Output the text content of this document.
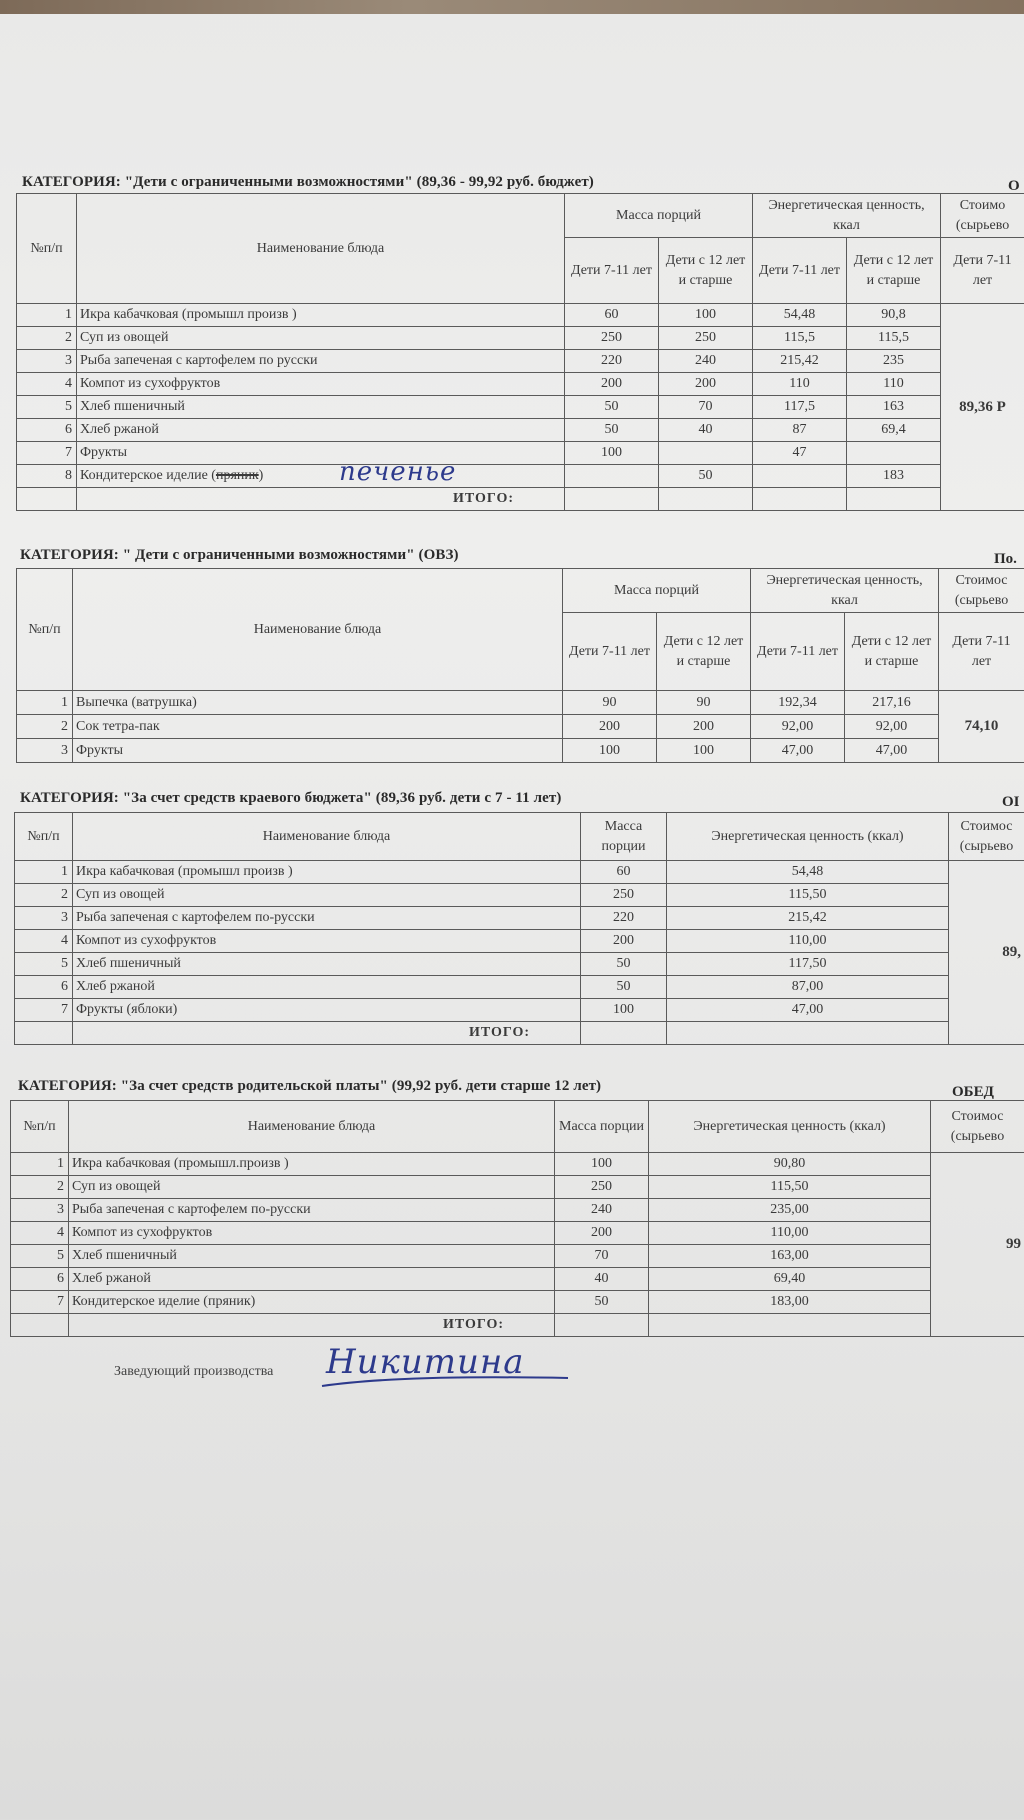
КАТЕГОРИЯ: "Дети с ограниченными возможностями" (89,36 - 99,92 руб. бюджет)	О
№п/п	Наименование блюда	Масса порций		Энергетическая ценность, ккал		Стоимо (сырьево
		Дети 7-11 лет	Дети с 12 лет и старше	Дети 7-11 лет	Дети с 12 лет и старше	Дети 7-11 лет
1	Икра кабачковая (промышл произв )	60	100	54,48	90,8	89,36 Р
2	Суп из овощей	250	250	115,5	115,5	
3	Рыба запеченая с картофелем по русски	220	240	215,42	235	
4	Компот из сухофруктов	200	200	110	110	
5	Хлеб пшеничный	50	70	117,5	163	
6	Хлеб ржаной	50	40	87	69,4	
7	Фрукты	100		47		
8	Кондитерское иделие (пряник) печенье		50		183	
	ИТОГО:					
КАТЕГОРИЯ: " Дети с ограниченными возможностями" (ОВЗ)	По.
№п/п	Наименование блюда	Масса порций		Энергетическая ценность, ккал		Стоимос (сырьево
		Дети 7-11 лет	Дети с 12 лет и старше	Дети 7-11 лет	Дети с 12 лет и старше	Дети 7-11 лет
1	Выпечка (ватрушка)	90	90	192,34	217,16	74,10
2	Сок тетра-пак	200	200	92,00	92,00	
3	Фрукты	100	100	47,00	47,00	
КАТЕГОРИЯ: "За счет средств краевого бюджета" (89,36 руб. дети с 7 - 11 лет)	ОІ
№п/п	Наименование блюда	Масса порции	Энергетическая ценность (ккал)	Стоимос (сырьево
1	Икра кабачковая (промышл произв )	60	54,48	89,
2	Суп из овощей	250	115,50	
3	Рыба запеченая с картофелем по-русски	220	215,42	
4	Компот из сухофруктов	200	110,00	
5	Хлеб пшеничный	50	117,50	
6	Хлеб ржаной	50	87,00	
7	Фрукты (яблоки)	100	47,00	
	ИТОГО:			
КАТЕГОРИЯ: "За счет средств родительской платы" (99,92 руб. дети старше 12 лет)	ОБЕД
№п/п	Наименование блюда	Масса порции	Энергетическая ценность (ккал)	Стоимос (сырьево
1	Икра кабачковая (промышл.произв )	100	90,80	99
2	Суп из овощей	250	115,50	
3	Рыба запеченая с картофелем по-русски	240	235,00	
4	Компот из сухофруктов	200	110,00	
5	Хлеб пшеничный	70	163,00	
6	Хлеб ржаной	40	69,40	
7	Кондитерское иделие (пряник)	50	183,00	
	ИТОГО:			
Заведующий производства Никитина
